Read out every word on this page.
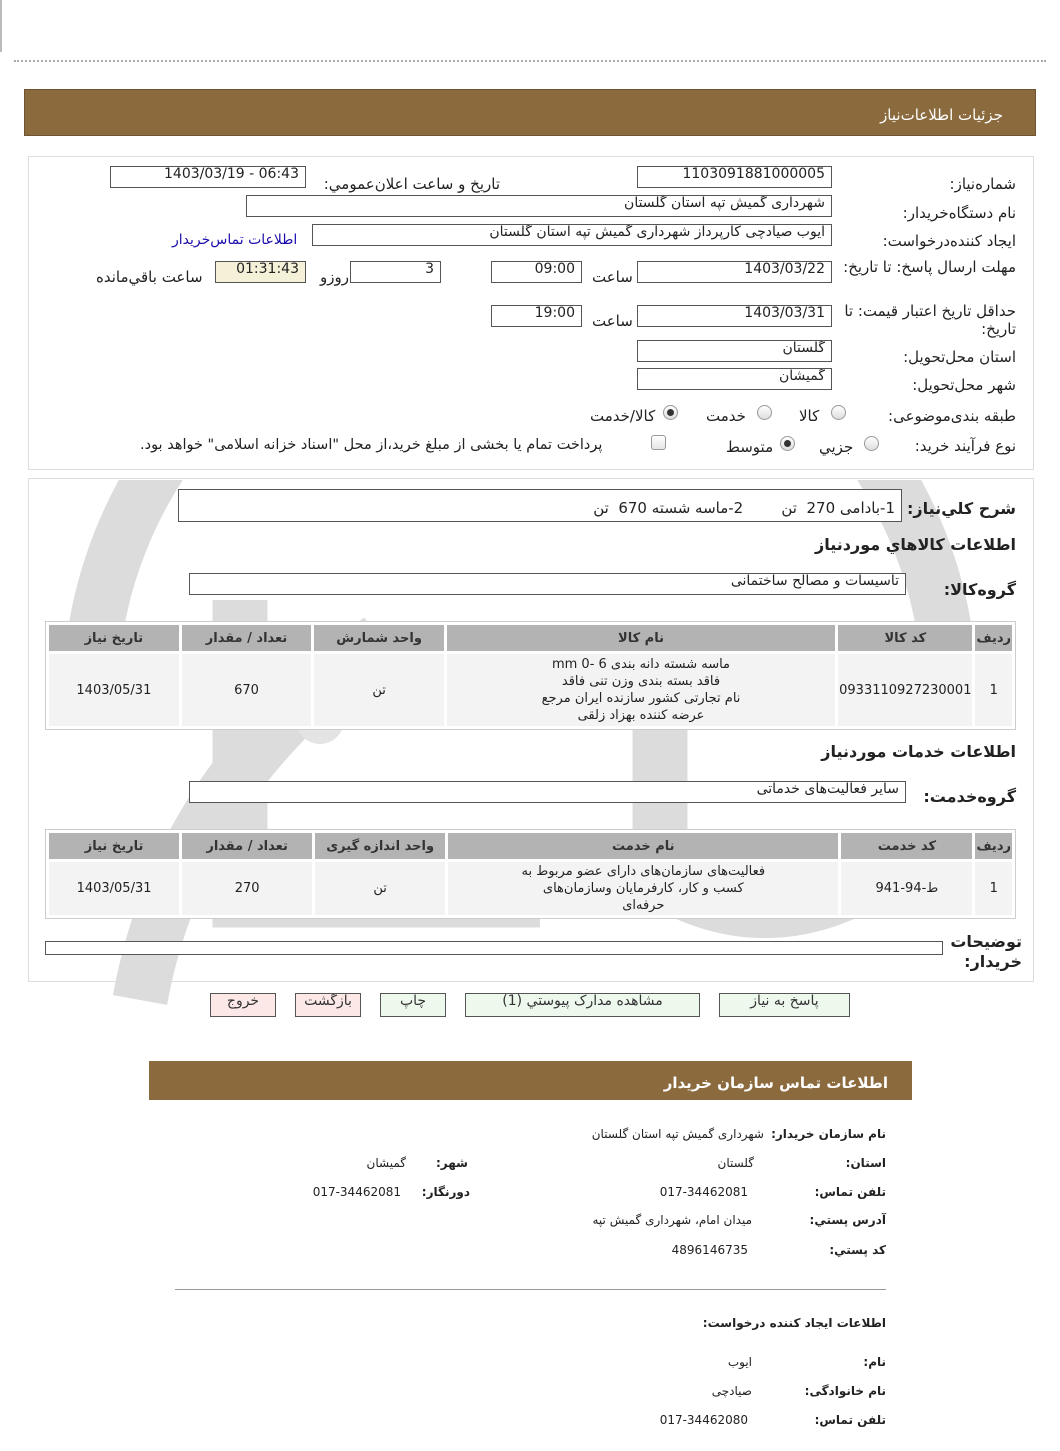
جزئیات اطلاعات‌نیاز
شماره‌نیاز:
1103091881000005
تاريخ و ساعت اعلان‌عمومي:
1403/03/19 - 06:43
نام دستگاه‌خريدار:
شهرداری گمیش تپه استان گلستان
ايجاد کننده‌درخواست:
ایوب صیادچی کارپرداز شهرداری گمیش تپه استان گلستان
اطلاعات تماس‌خريدار
مهلت ارسال پاسخ: تا تاريخ:
1403/03/22
ساعت
09:00
3
روزو
01:31:43
ساعت باقي‌مانده
حداقل تاريخ اعتبار قيمت: تا تاريخ:
1403/03/31
ساعت
19:00
استان محل‌تحويل:
گلستان
شهر محل‌تحويل:
گمیشان
طبقه بندی‌موضوعی:
کالا
خدمت
کالا/خدمت
نوع فرآيند خريد:
جزيي
متوسط
پرداخت تمام يا بخشی از مبلغ خريد،از محل "اسناد خزانه اسلامی" خواهد بود.
شرح کلي‌نياز:
1-بادامی 270  تن        2-ماسه شسته 670  تن
اطلاعات کالاهاي موردنياز
گروه‌کالا:
تاسیسات و مصالح ساختمانی
رديف	کد کالا	نام کالا	واحد شمارش	تعداد / مقدار	تاريخ نياز
1	0933110927230001	ماسه شسته دانه بندی mm 0- 6
فاقد بسته بندی وزن تنی فاقد
نام تجارتی کشور سازنده ایران مرجع
عرضه کننده بهزاد زلقی	تن	670	1403/05/31
اطلاعات خدمات موردنياز
گروه‌خدمت:
سایر فعالیت‌های خدماتی
رديف	کد خدمت	نام خدمت	واحد اندازه گيری	تعداد / مقدار	تاريخ نياز
1	ط-94-941	فعالیت‌های سازمان‌های دارای عضو مربوط به
کسب و کار، کارفرمایان وسازمان‌های
حرفه‌ای	تن	270	1403/05/31
توضيحات خريدار:
پاسخ به نیاز
مشاهده مدارک پيوستي (1)
چاپ
بازگشت
خروج
اطلاعات تماس سازمان خريدار
نام سازمان خريدار:
شهرداری گمیش تپه استان گلستان
استان:
گلستان
شهر:
گمیشان
تلفن تماس:
017-34462081
دورنگار:
017-34462081
آدرس پستي:
میدان امام، شهرداری گمیش تپه
کد پستي:
4896146735
اطلاعات ايجاد کننده درخواست:
نام:
ایوب
نام خانوادگی:
صیادچی
تلفن تماس:
017-34462080
